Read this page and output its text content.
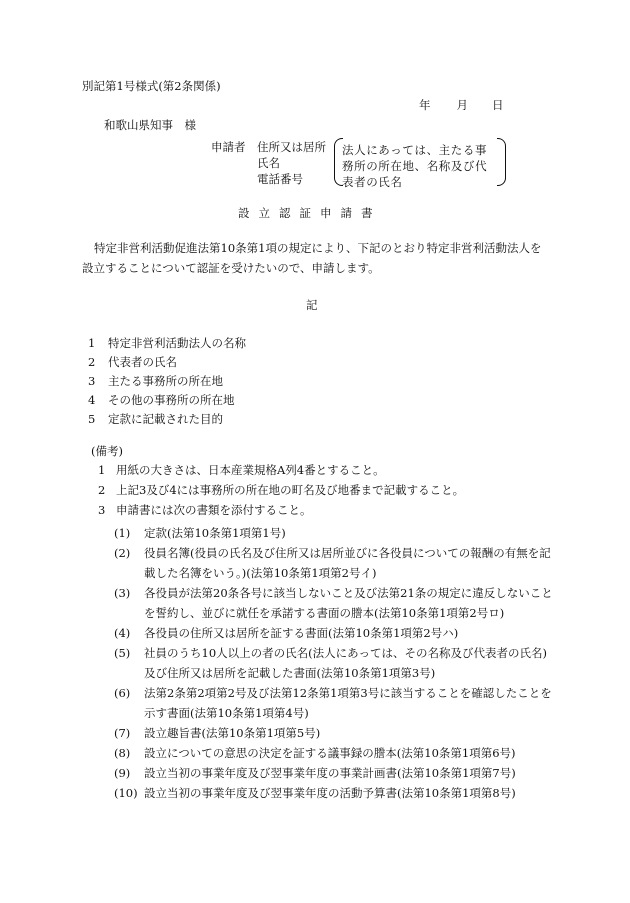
別記第1号様式(第2条関係)
年 月 日
和歌山県知事　様
申請者 住所又は居所
氏名
電話番号
法人にあっては、主たる事務所の所在地、名称及び代表者の氏名
設立認証申請書
特定非営利活動促進法第10条第1項の規定により、下記のとおり特定非営利活動法人を設立することについて認証を受けたいので、申請します。
記
1 特定非営利活動法人の名称
2 代表者の氏名
3 主たる事務所の所在地
4 その他の事務所の所在地
5 定款に記載された目的
(備考)
1 用紙の大きさは、日本産業規格A列4番とすること。
2 上記3及び4には事務所の所在地の町名及び地番まで記載すること。
3 申請書には次の書類を添付すること。
(1) 定款(法第10条第1項第1号)
(2) 役員名簿(役員の氏名及び住所又は居所並びに各役員についての報酬の有無を記載した名簿をいう。)(法第10条第1項第2号イ)
(3) 各役員が法第20条各号に該当しないこと及び法第21条の規定に違反しないことを誓約し、並びに就任を承諾する書面の謄本(法第10条第1項第2号ロ)
(4) 各役員の住所又は居所を証する書面(法第10条第1項第2号ハ)
(5) 社員のうち10人以上の者の氏名(法人にあっては、その名称及び代表者の氏名)及び住所又は居所を記載した書面(法第10条第1項第3号)
(6) 法第2条第2項第2号及び法第12条第1項第3号に該当することを確認したことを示す書面(法第10条第1項第4号)
(7) 設立趣旨書(法第10条第1項第5号)
(8) 設立についての意思の決定を証する議事録の謄本(法第10条第1項第6号)
(9) 設立当初の事業年度及び翌事業年度の事業計画書(法第10条第1項第7号)
(10) 設立当初の事業年度及び翌事業年度の活動予算書(法第10条第1項第8号)
